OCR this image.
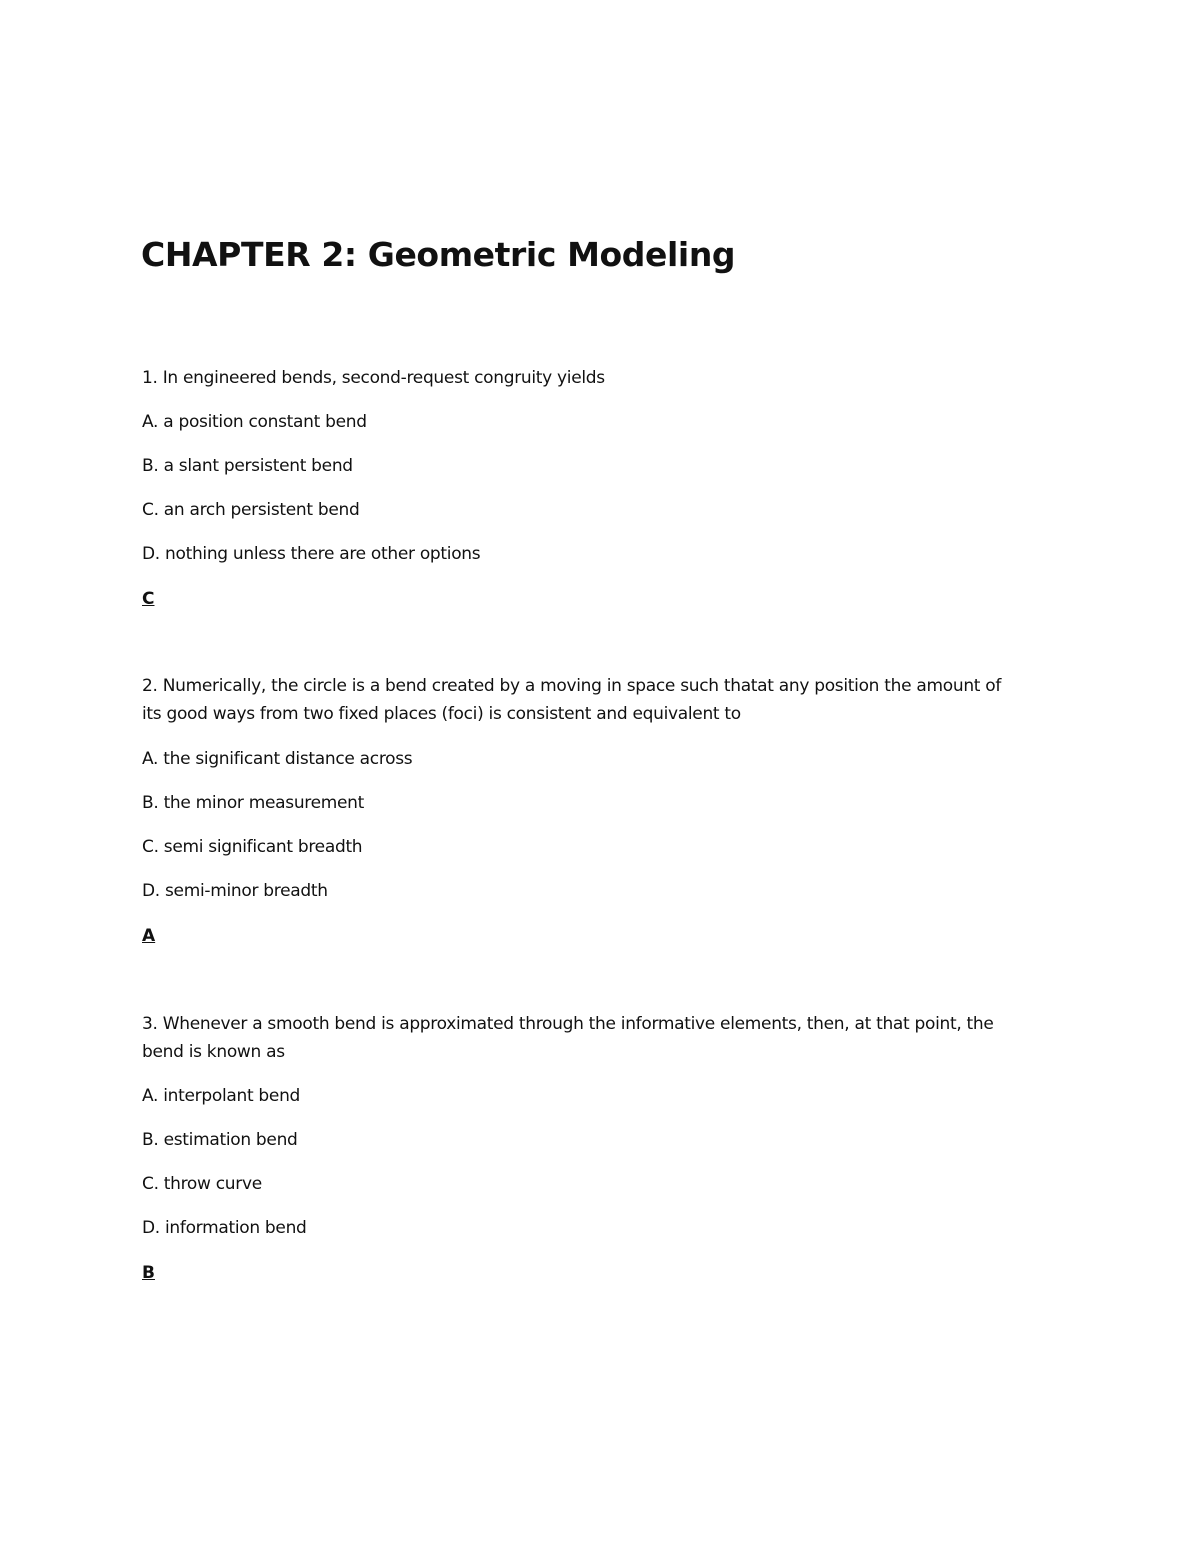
CHAPTER 2: Geometric Modeling

1. In engineered bends, second-request congruity yields

A. a position constant bend

B. a slant persistent bend

C. an arch persistent bend

D. nothing unless there are other options

C

2. Numerically, the circle is a bend created by a moving in space such thatat any position the amount of

its good ways from two fixed places (foci) is consistent and equivalent to

A. the significant distance across

B. the minor measurement

C. semi significant breadth

D. semi-minor breadth

A

3. Whenever a smooth bend is approximated through the informative elements, then, at that point, the

bend is known as

A. interpolant bend

B. estimation bend

C. throw curve

D. information bend

B
